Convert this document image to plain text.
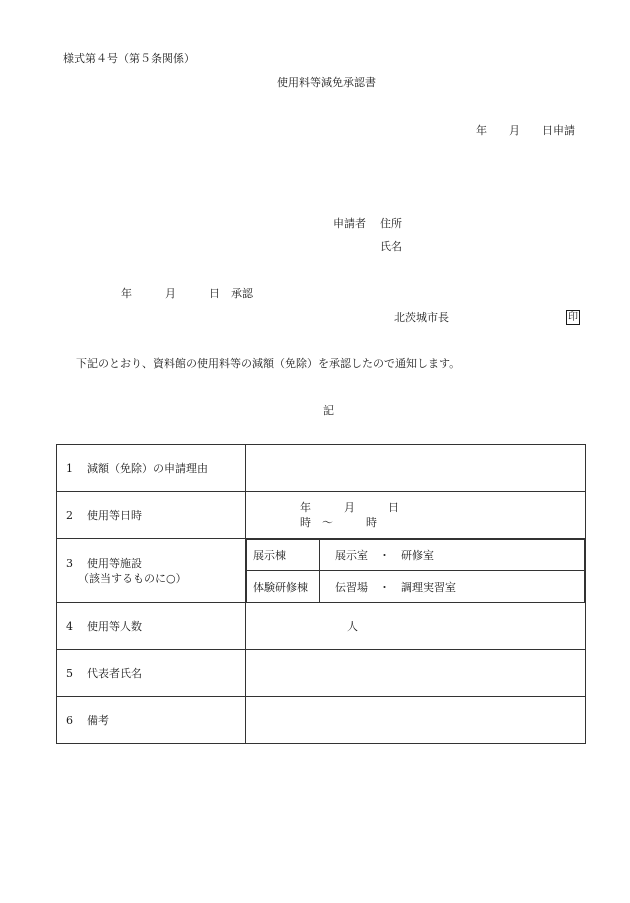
様式第４号（第５条関係）
使用料等減免承認書
年　　月　　日申請
申請者 住所
氏名
年　　　月　　　日　承認
北茨城市長	印
下記のとおり、資料館の使用料等の減額（免除）を承認したので通知します。
記
1 減額（免除）の申請理由	
2 使用等日時	
年　　　月　　　日
時　～　　　時

3 使用等施設
（該当するものに○）

展示棟	展示室　・　研修室
体験研修棟	伝習場　・　調理実習室

4 使用等人数	人
5 代表者氏名	
6 備考	
